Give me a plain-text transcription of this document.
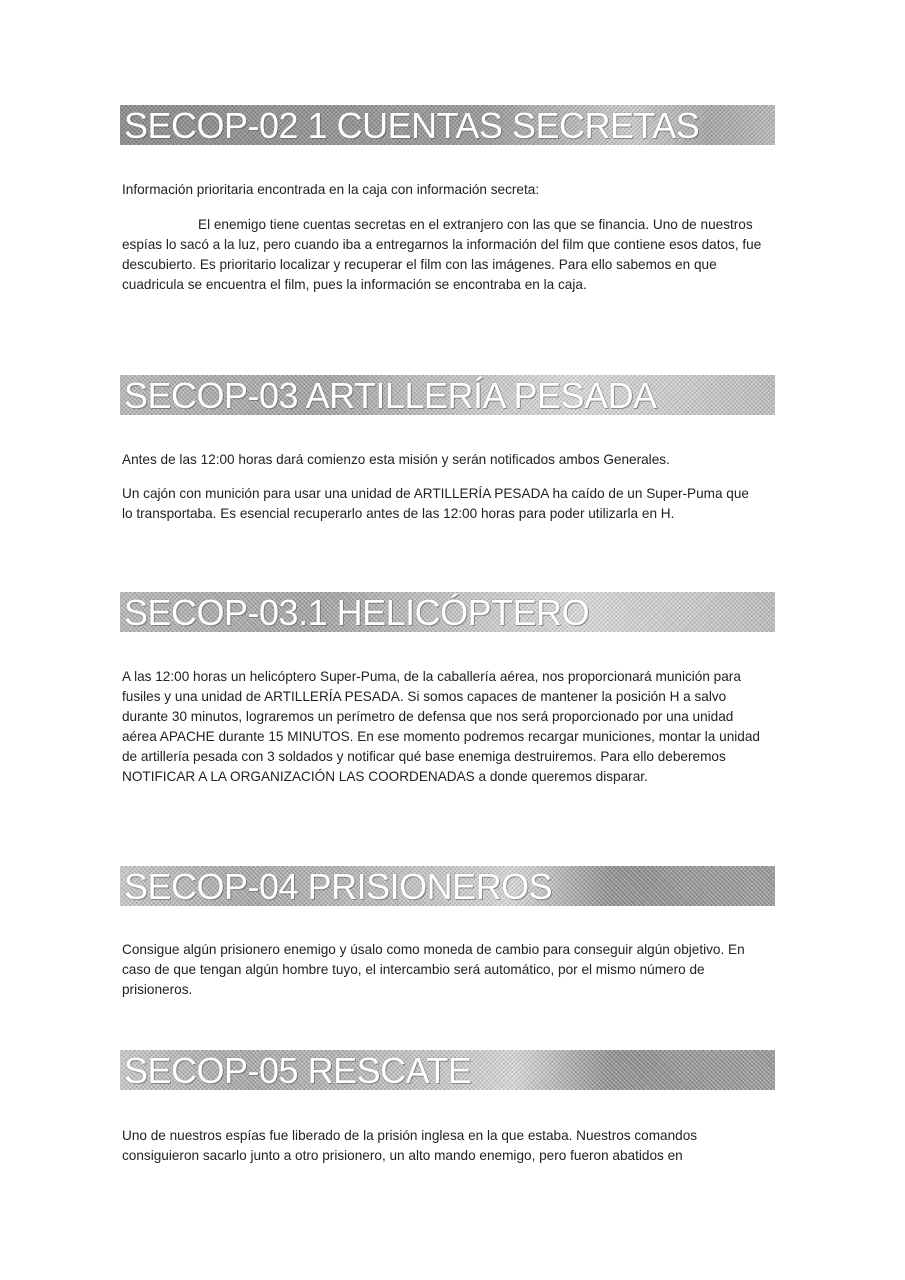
SECOP-02 1 CUENTAS SECRETAS

Información prioritaria encontrada en la caja con información secreta:

El enemigo tiene cuentas secretas en el extranjero con las que se financia. Uno de nuestros espías lo sacó a la luz, pero cuando iba a entregarnos la información del film que contiene esos datos, fue descubierto. Es prioritario localizar y recuperar el film con las imágenes. Para ello sabemos en que cuadricula se encuentra el film, pues la información se encontraba en la caja.

SECOP-03 ARTILLERÍA PESADA

Antes de las 12:00 horas dará comienzo esta misión y serán notificados ambos Generales.

Un cajón con munición para usar una unidad de ARTILLERÍA PESADA ha caído de un Super-Puma que lo transportaba. Es esencial recuperarlo antes de las 12:00 horas para poder utilizarla en H.

SECOP-03.1 HELICÓPTERO

A las 12:00 horas un helicóptero Super-Puma, de la caballería aérea, nos proporcionará munición para fusiles y una unidad de ARTILLERÍA PESADA. Si somos capaces de mantener la posición H a salvo durante 30 minutos, lograremos un perímetro de defensa que nos será proporcionado por una unidad aérea APACHE durante 15 MINUTOS. En ese momento podremos recargar municiones, montar la unidad de artillería pesada con 3 soldados y notificar qué base enemiga destruiremos. Para ello deberemos NOTIFICAR A LA ORGANIZACIÓN LAS COORDENADAS a donde queremos disparar.

SECOP-04 PRISIONEROS

Consigue algún prisionero enemigo y úsalo como moneda de cambio para conseguir algún objetivo. En caso de que tengan algún hombre tuyo, el intercambio será automático, por el mismo número de prisioneros.

SECOP-05 RESCATE

Uno de nuestros espías fue liberado de la prisión inglesa en la que estaba. Nuestros comandos consiguieron sacarlo junto a otro prisionero, un alto mando enemigo, pero fueron abatidos en
